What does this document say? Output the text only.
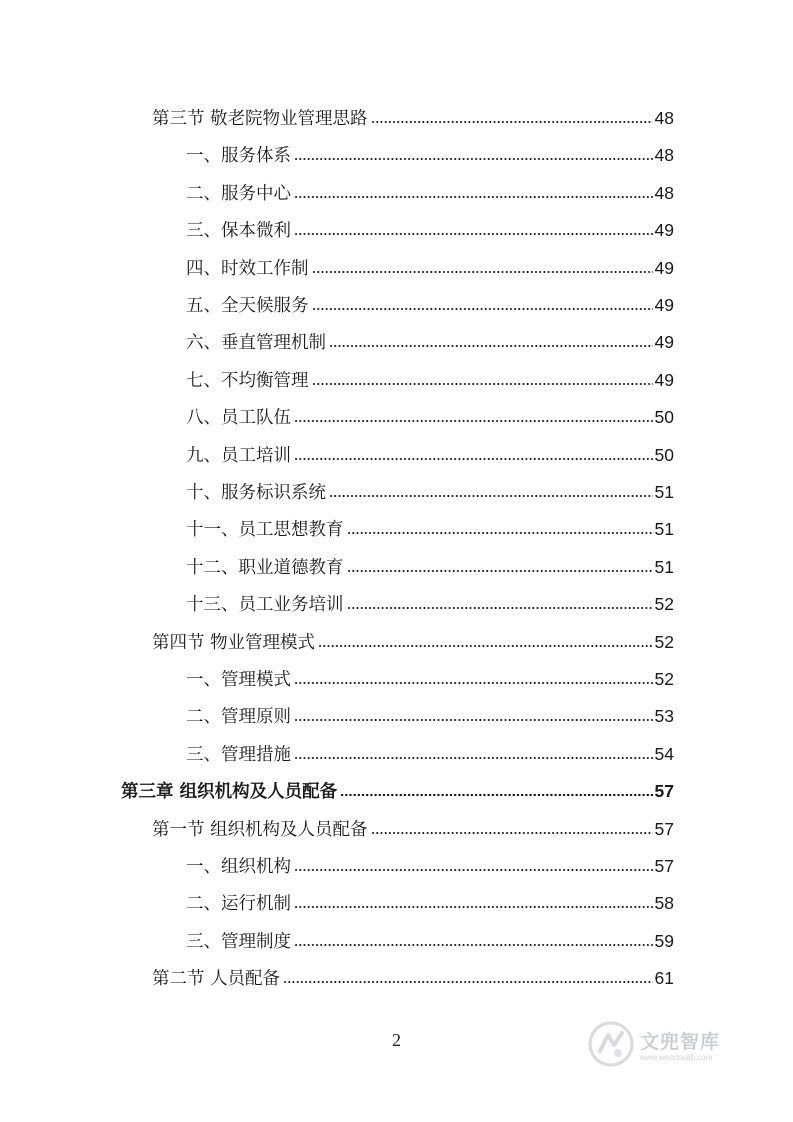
第三节 敬老院物业管理思路	48
一、服务体系	48
二、服务中心	48
三、保本微利	49
四、时效工作制	49
五、全天候服务	49
六、垂直管理机制	49
七、不均衡管理	49
八、员工队伍	50
九、员工培训	50
十、服务标识系统	51
十一、员工思想教育	51
十二、职业道德教育	51
十三、员工业务培训	52
第四节 物业管理模式	52
一、管理模式	52
二、管理原则	53
三、管理措施	54
第三章 组织机构及人员配备	57
第一节 组织机构及人员配备	57
一、组织机构	57
二、运行机制	58
三、管理制度	59
第二节 人员配备	61
2	文兜智库
www.wendoulib.com
